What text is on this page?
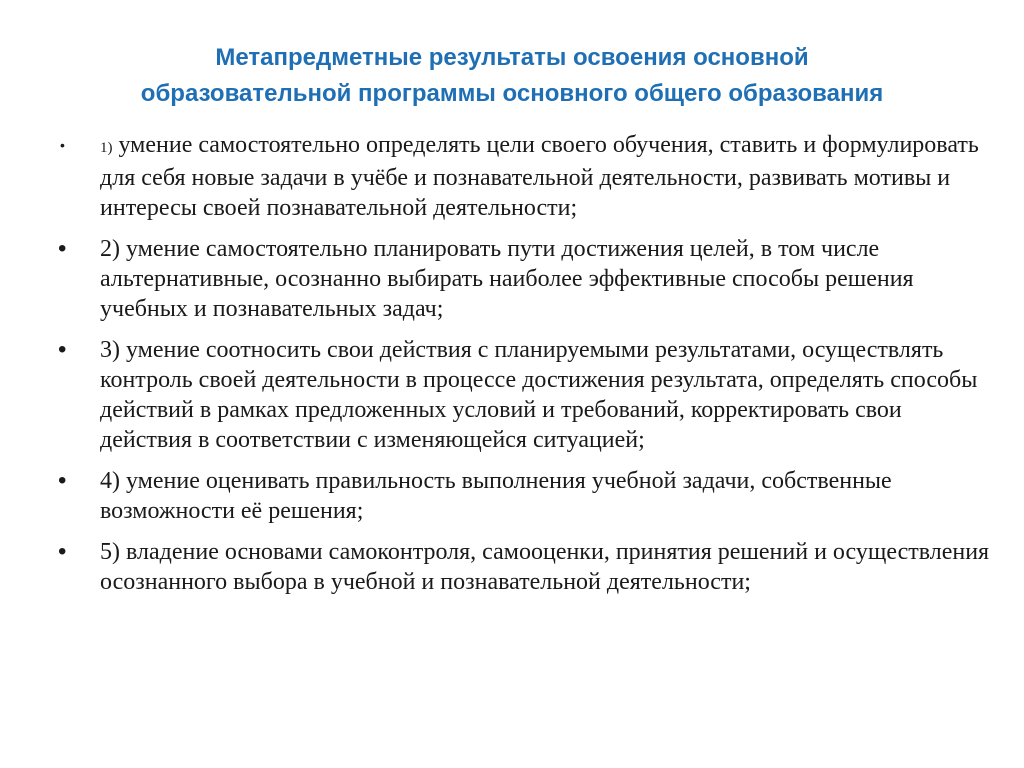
Метапредметные результаты освоения основной
образовательной программы основного общего образования
•	1) умение самостоятельно определять цели своего обучения, ставить и формулировать для себя новые задачи в учёбе и познавательной деятельности, развивать мотивы и интересы своей познавательной деятельности;
•	2) умение самостоятельно планировать пути достижения целей, в том числе альтернативные, осознанно выбирать наиболее эффективные способы решения учебных и познавательных задач;
•	3) умение соотносить свои действия с планируемыми результатами, осуществлять контроль своей деятельности в процессе достижения результата, определять способы действий в рамках предложенных условий и требований, корректировать свои действия в соответствии с изменяющейся ситуацией;
•	4) умение оценивать правильность выполнения учебной задачи, собственные возможности её решения;
•	5) владение основами самоконтроля, самооценки, принятия решений и осуществления осознанного выбора в учебной и познавательной деятельности;
